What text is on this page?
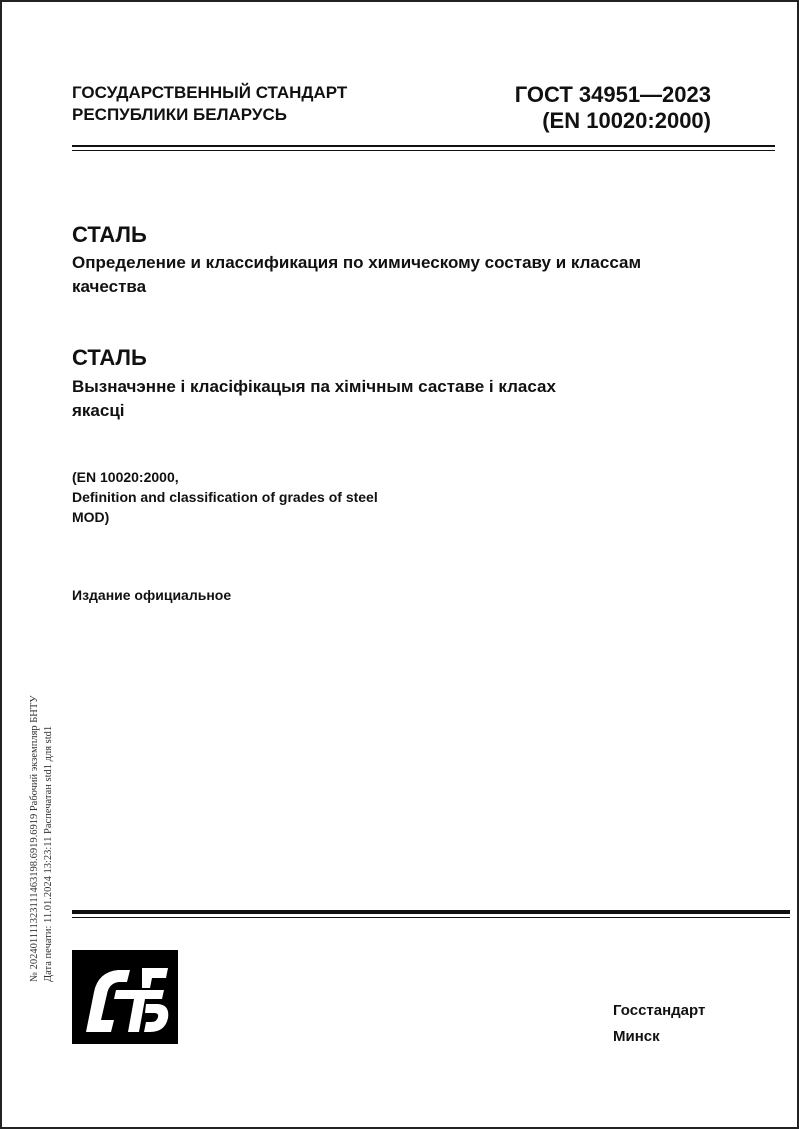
ГОСУДАРСТВЕННЫЙ СТАНДАРТ
РЕСПУБЛИКИ БЕЛАРУСЬ
ГОСТ 34951—2023
(EN 10020:2000)
СТАЛЬ
Определение и классификация по химическому составу и классам качества
СТАЛЬ
Вызначэнне і класіфікацыя па хімічным саставе і класах якасці
(EN 10020:2000,
Definition and classification of grades of steel
MOD)
Издание официальное
№ 202401111323111463198.6919.6919 Рабочий экземпляр БНТУ Дата печати: 11.01.2024 13:23:11 Распечатан std1 для std1
Госстандарт
Минск
